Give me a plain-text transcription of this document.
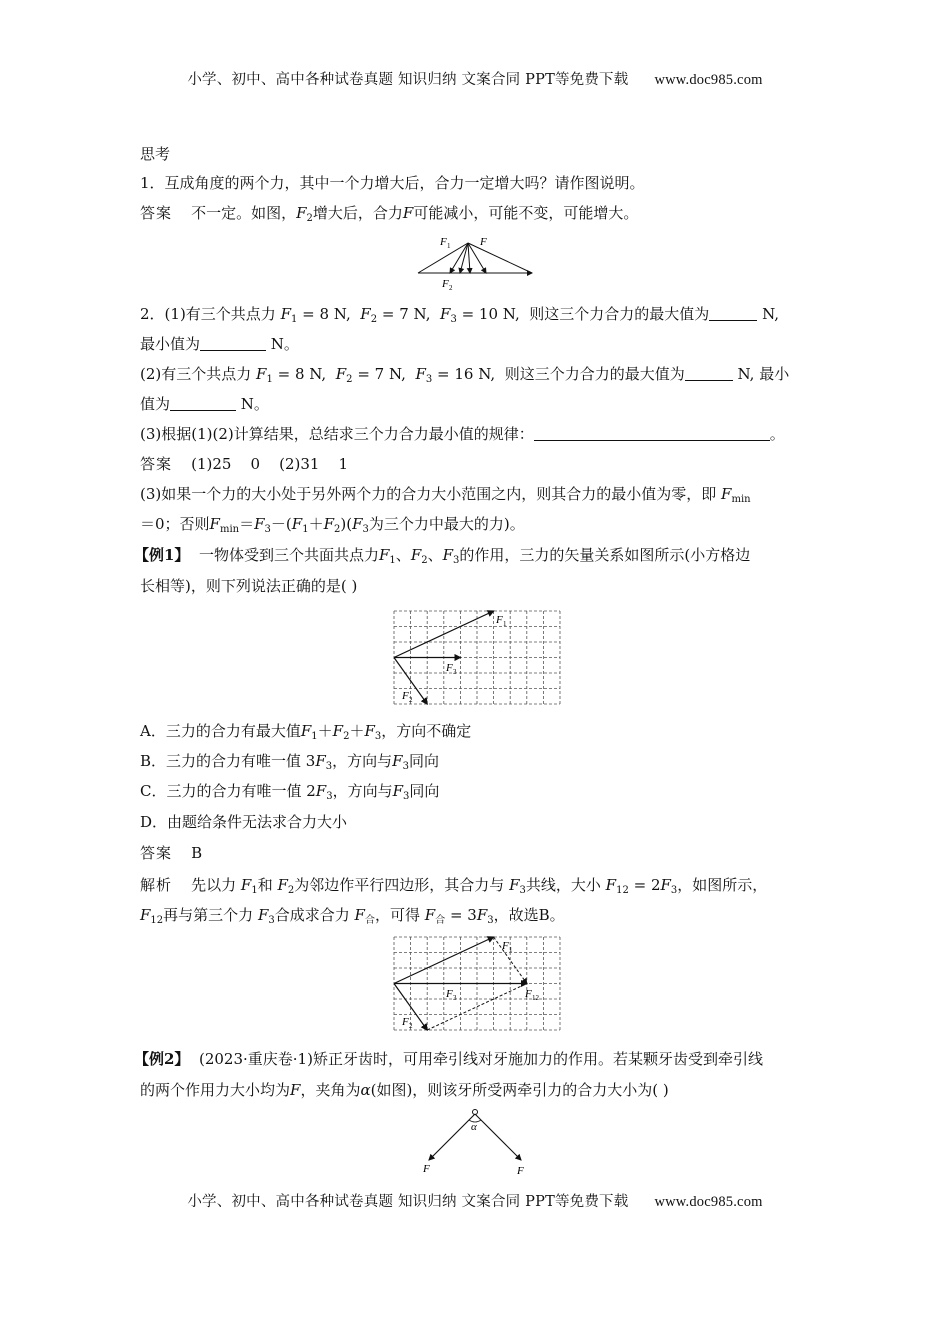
小学、初中、高中各种试卷真题 知识归纳 文案合同 PPT等免费下载 www.doc985.com
思考
1．互成角度的两个力，其中一个力增大后，合力一定增大吗？请作图说明。
答案 不一定。如图，$F_2$增大后，合力F可能减小，可能不变，可能增大。
F 1	F
F 2
2．(1)有三个共点力 $F_1 = 8$ N, $F_2 = 7$ N, $F_3 = 10$ N, 则这三个力合力的最大值为	N,
最小值为	N。
(2)有三个共点力 $F_1 = 8$ N, $F_2 = 7$ N, $F_3 = 16$ N, 则这三个力合力的最大值为	N, 最小
值为	N。
(3)根据(1)(2)计算结果，总结求三个力合力最小值的规律：	。
答案 (1)25    0    (2)31    1
(3)如果一个力的大小处于另外两个力的合力大小范围之内，则其合力的最小值为零，即 $F_{min}$
＝0；否则$F_{min}=F_3-(F_1+F_2)(F_3$为三个力中最大的力)。
【例1】 一物体受到三个共面共点力$F_1$、$F_2$、$F_3$的作用，三力的矢量关系如图所示(小方格边
长相等)，则下列说法正确的是( )
F 1
F 3
F 2
A．三力的合力有最大值$F_1+F_2+F_3$，方向不确定
B．三力的合力有唯一值 $3F_3$，方向与$F_3$同向
C．三力的合力有唯一值 $2F_3$，方向与$F_3$同向
D．由题给条件无法求合力大小
答案 B
解析 先以力 $F_1$和 $F_2$为邻边作平行四边形，其合力与 $F_3$共线，大小 $F_{12} = 2F_3$，如图所示，
$F_{12}$再与第三个力 $F_3$合成求合力 $F_合$，可得 $F_合 = 3F_3$，故选B。
F 1
F 3	F 12
F 2
【例2】 (2023·重庆卷·1)矫正牙齿时，可用牵引线对牙施加力的作用。若某颗牙齿受到牵引线
的两个作用力大小均为F，夹角为α(如图)，则该牙所受两牵引力的合力大小为( )
α
F	F
小学、初中、高中各种试卷真题 知识归纳 文案合同 PPT等免费下载 www.doc985.com
